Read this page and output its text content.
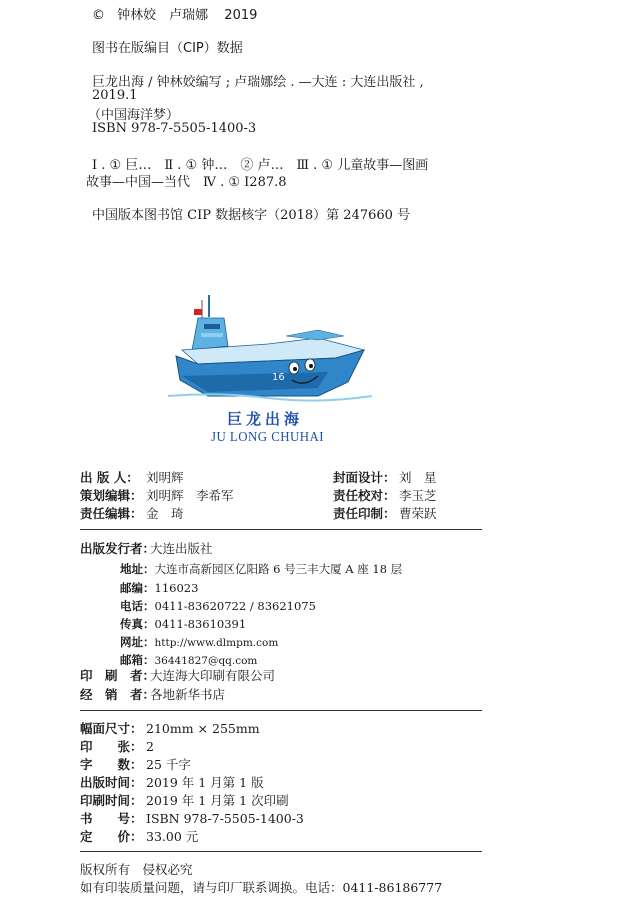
© 钟林姣　卢瑞娜 2019
图书在版编目（CIP）数据
巨龙出海 / 钟林姣编写 ; 卢瑞娜绘 . —大连 : 大连出版社 ,
2019.1
（中国海洋梦）
ISBN 978-7-5505-1400-3
Ⅰ . ① 巨…　Ⅱ . ① 钟…　② 卢…　Ⅲ . ① 儿童故事—图画
故事—中国—当代　Ⅳ . ① I287.8
中国版本图书馆 CIP 数据核字（2018）第 247660 号
16
巨龙出海
JU LONG CHUHAI
出 版 人： 刘明辉	封面设计： 刘　星
策划编辑： 刘明辉　李希军	责任校对： 李玉芝
责任编辑： 金　琦	责任印制： 曹荣跃
出版发行者：大连出版社
地址：大连市高新园区亿阳路 6 号三丰大厦 A 座 18 层
邮编：116023
电话：0411-83620722 / 83621075
传真：0411-83610391
网址：http://www.dlmpm.com
邮箱：36441827@qq.com
印　刷　者：大连海大印刷有限公司
经　销　者：各地新华书店
幅面尺寸： 210mm × 255mm
印　　张： 2
字　　数： 25 千字
出版时间： 2019 年 1 月第 1 版
印刷时间： 2019 年 1 月第 1 次印刷
书　　号： ISBN 978-7-5505-1400-3
定　　价： 33.00 元
版权所有　侵权必究
如有印装质量问题，请与印厂联系调换。电话：0411-86186777
